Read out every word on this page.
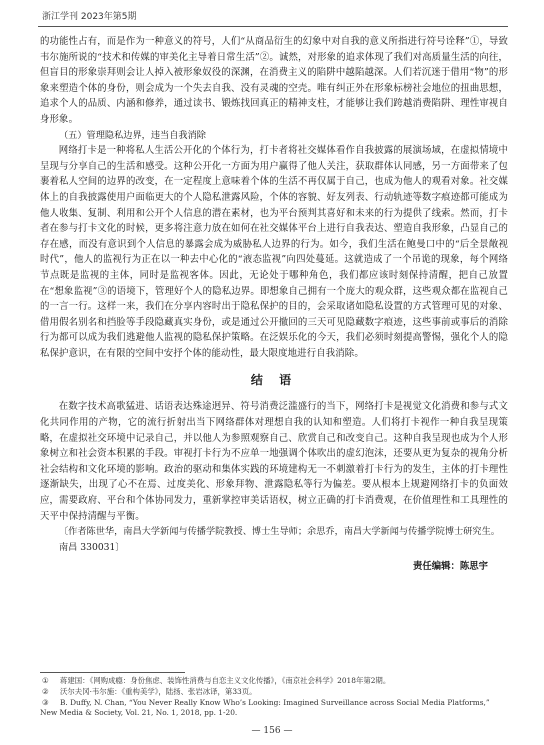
浙江学刊 2023年第5期

的功能性占有，而是作为一种意义的符号，人们“从商品衍生的幻象中对自我的意义所指进行符号诠释”①，导致韦尔施所说的“技术和传媒的审美化主导着日常生活”②。诚然，对形象的追求体现了我们对高质量生活的向往，但盲目的形象崇拜则会让人掉入被形象奴役的深渊，在消费主义的陷阱中越陷越深。人们若沉迷于借用“物”的形象来塑造个体的身份，则会成为一个失去自我、没有灵魂的空壳。唯有纠正外在形象标榜社会地位的扭曲思想，追求个人的品质、内涵和修养，通过读书、锻炼找回真正的精神支柱，才能够让我们跨越消费陷阱、理性审视自身形象。

（五）管理隐私边界，违当自我消除

网络打卡是一种将私人生活公开化的个体行为，打卡者将社交媒体看作自我披露的展演场域，在虚拟情境中呈现与分享自己的生活和感受。这种公开化一方面为用户赢得了他人关注，获取群体认同感，另一方面带来了包裹着私人空间的边界的改变，在一定程度上意味着个体的生活不再仅属于自己，也成为他人的观看对象。社交媒体上的自我披露使用户面临更大的个人隐私泄露风险，个体的容貌、好友列表、行动轨迹等数字痕迹都可能成为他人收集、复制、利用和公开个人信息的潜在素材，也为平台预判其喜好和未来的行为提供了线索。然而，打卡者在参与打卡文化的时候，更多将注意力放在如何在社交媒体平台上进行自我表达、塑造自我形象，凸显自己的存在感，而没有意识到个人信息的暴露会成为威胁私人边界的行为。如今，我们生活在鲍曼口中的“后全景敞视时代”，他人的监视行为正在以一种去中心化的“液态监视”向四处蔓延。这就造成了一个吊诡的现象，每个网络节点既是监视的主体，同时是监视客体。因此，无论处于哪种角色，我们都应该时刻保持清醒，把自己放置在“想象监视”③的语境下，管理好个人的隐私边界。即想象自己拥有一个庞大的观众群，这些观众都在监视自己的一言一行。这样一来，我们在分享内容时出于隐私保护的目的，会采取诸如隐私设置的方式管理可见的对象、借用假名别名和挡脸等手段隐藏真实身份，或是通过公开撤回的三天可见隐藏数字痕迹，这些事前或事后的消除行为都可以成为我们逃避他人监视的隐私保护策略。在泛娱乐化的今天，我们必须时刻提高警惕，强化个人的隐私保护意识，在有限的空间中安抒个体的能动性，最大限度地进行自我消除。

结 语

在数字技术高歌猛进、话语表达殊途迥异、符号消费泛滥盛行的当下，网络打卡是视觉文化消费和参与式文化共同作用的产物，它的流行折射出当下网络群体对理想自我的认知和塑造。人们将打卡视作一种自我呈现策略，在虚拟社交环境中记录自己，并以他人为参照观察自己、欣赏自己和改变自己。这种自我呈现也成为个人形象树立和社会资本积累的手段。审视打卡行为不应单一地强调个体吹出的虚幻泡沫，还要从更为复杂的视角分析社会结构和文化环境的影响。政治的驱动和集体实践的环境建构无一不刺激着打卡行为的发生，主体的打卡理性逐渐缺失，出现了心不在焉、过度美化、形象拜物、泄露隐私等行为偏差。要从根本上规避网络打卡的负面效应，需要政府、平台和个体协同发力，重新掌控审美话语权，树立正确的打卡消费观，在价值理性和工具理性的天平中保持清醒与平衡。

〔作者陈世华，南昌大学新闻与传播学院教授、博士生导师；余思乔，南昌大学新闻与传播学院博士研究生。南昌 330031〕

责任编辑：陈思宇

① 蒋建国：《网购成瘾：身份焦虑、装饰性消费与自恋主义文化传播》，《南京社会科学》2018年第2期。

② 沃尔夫冈·韦尔施：《重构美学》，陆扬、张岩冰译，第33页。

③ B. Duffy, N. Chan, “You Never Really Know Who’s Looking: Imagined Surveillance across Social Media Platforms,” New Media & Society, Vol. 21, No. 1, 2018, pp. 1-20.

— 156 —
